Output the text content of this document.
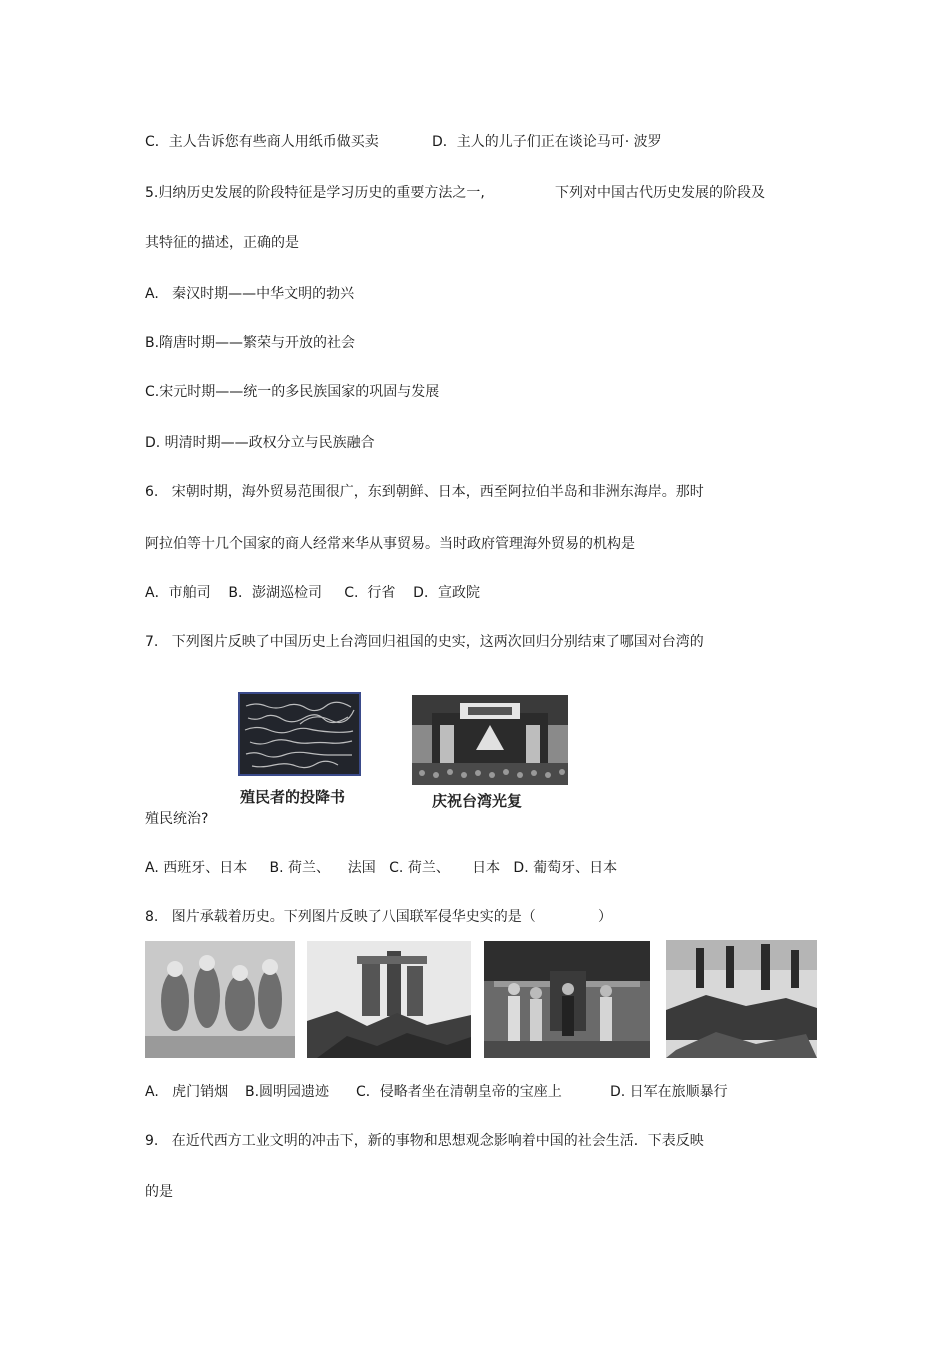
C．主人告诉您有些商人用纸币做买卖	D．主人的儿子们正在谈论马可· 波罗
5.归纳历史发展的阶段特征是学习历史的重要方法之一,	下列对中国古代历史发展的阶段及
其特征的描述，正确的是
A.   秦汉时期——中华文明的勃兴
B.隋唐时期——繁荣与开放的社会
C.宋元时期——统一的多民族国家的巩固与发展
D. 明清时期——政权分立与民族融合
6.   宋朝时期，海外贸易范围很广，东到朝鲜、日本，西至阿拉伯半岛和非洲东海岸。那时
阿拉伯等十几个国家的商人经常来华从事贸易。当时政府管理海外贸易的机构是
A．市舶司    B．澎湖巡检司     C.  行省    D．宣政院
7.   下列图片反映了中国历史上台湾回归祖国的史实，这两次回归分别结束了哪国对台湾的
殖民者的投降书	庆祝台湾光复
殖民统治?
A. 西班牙、日本     B. 荷兰、    法国   C. 荷兰、     日本   D. 葡萄牙、日本
8.   图片承载着历史。下列图片反映了八国联军侵华史实的是（              ）
A.   虎门销烟 B.圆明园遗迹 C．侵略者坐在清朝皇帝的宝座上	D. 日军在旅顺暴行
9.   在近代西方工业文明的冲击下，新的事物和思想观念影响着中国的社会生活．下表反映
的是
